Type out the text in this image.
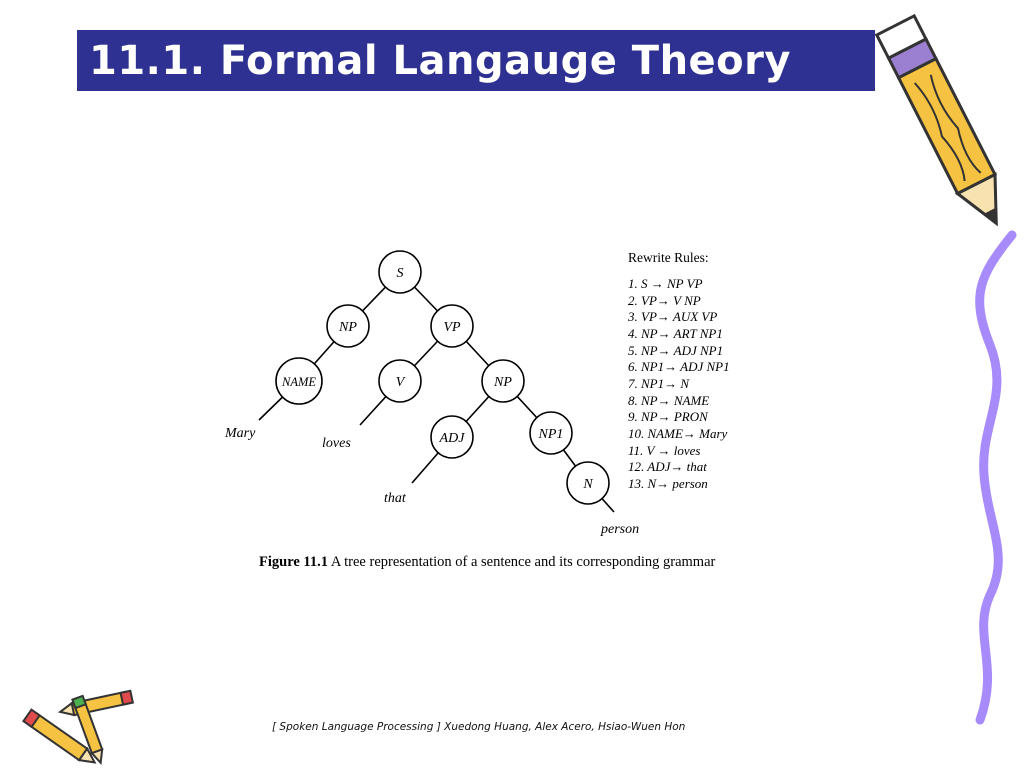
11.1. Formal Langauge Theory
S
NP	VP
NAME	V	NP
ADJ	NP1
N
Mary
loves
that
person
Rewrite Rules:
1. S → NP VP
2. VP→ V NP
3. VP→ AUX VP
4. NP→ ART NP1
5. NP→ ADJ NP1
6. NP1→ ADJ NP1
7. NP1→ N
8. NP→ NAME
9. NP→ PRON
10. NAME→ Mary
11. V → loves
12. ADJ→ that
13. N→ person
Figure 11.1 A tree representation of a sentence and its corresponding grammar
[ Spoken Language Processing ] Xuedong Huang, Alex Acero, Hsiao-Wuen Hon
